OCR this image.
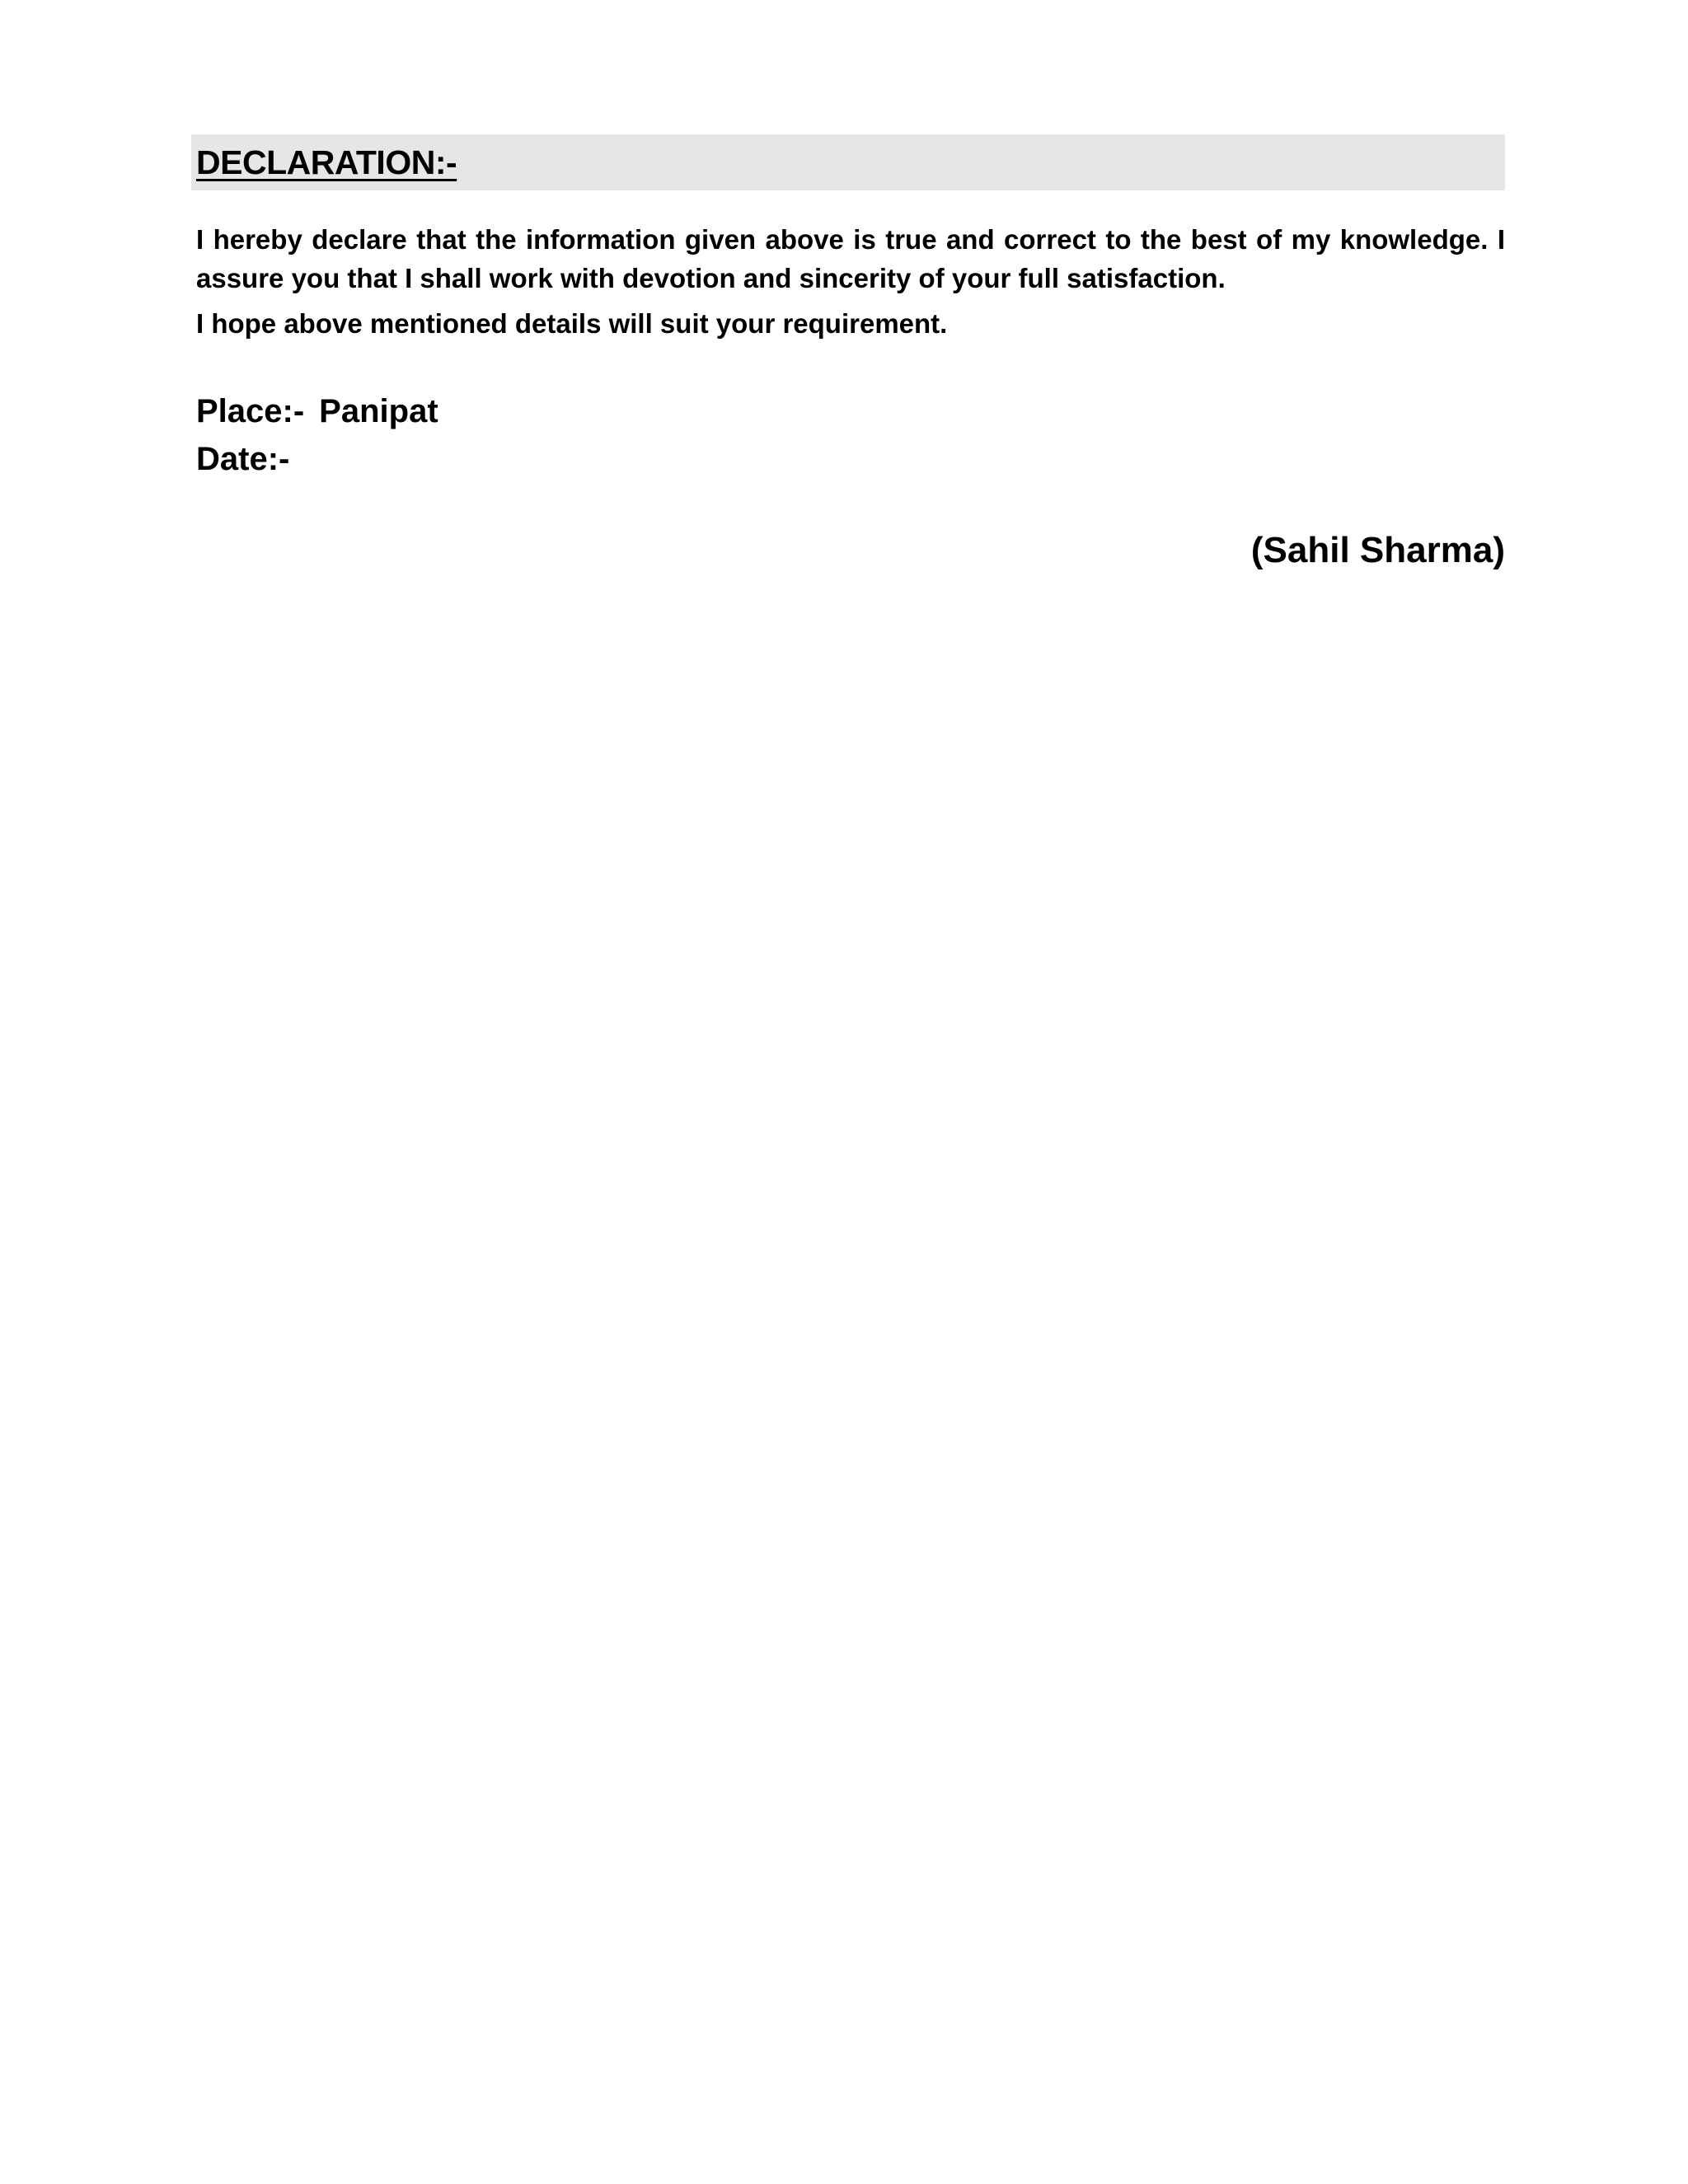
DECLARATION:-
I hereby declare that the information given above is true and correct to the best of my knowledge. I assure you that I shall work with devotion and sincerity of your full satisfaction.
I hope above mentioned details will suit your requirement.
Place:- Panipat
Date:-
(Sahil Sharma)
